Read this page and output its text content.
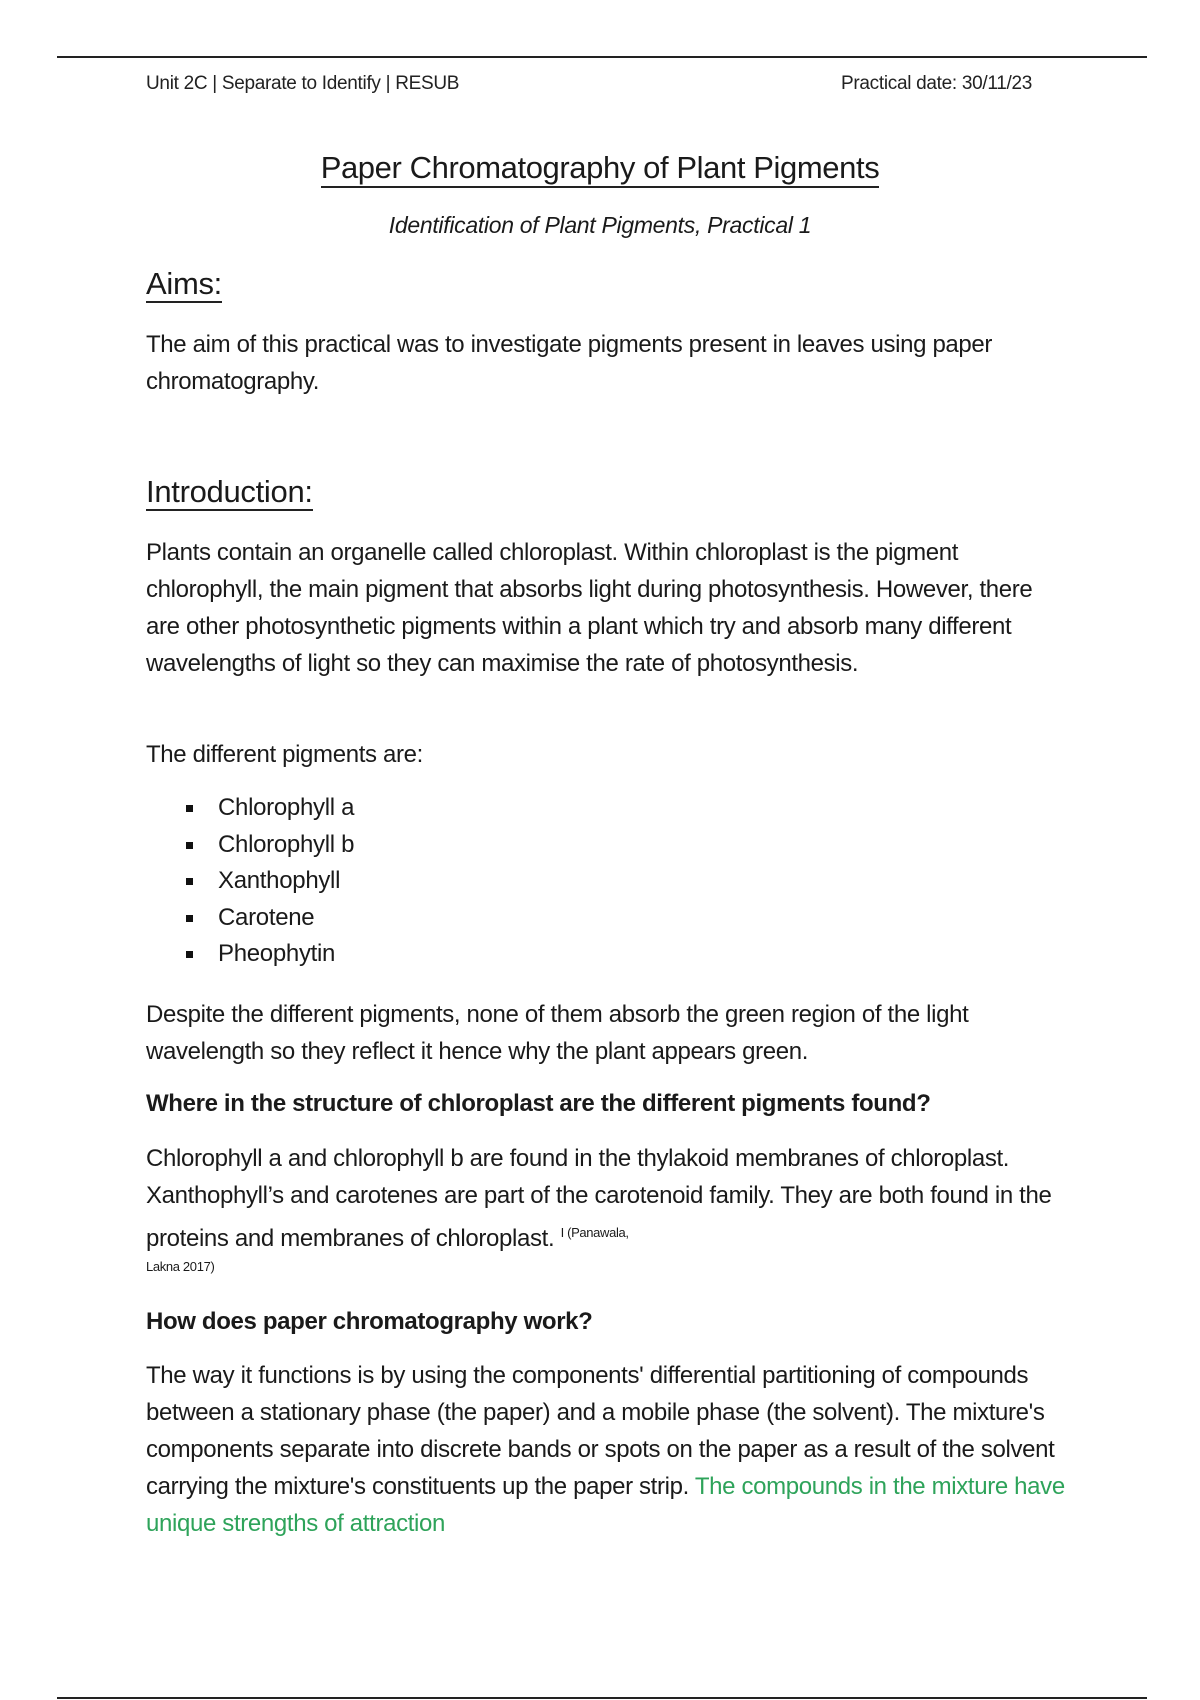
Unit 2C | Separate to Identify | RESUB	Practical date: 30/11/23
Paper Chromatography of Plant Pigments
Identification of Plant Pigments, Practical 1
Aims:
The aim of this practical was to investigate pigments present in leaves using paper chromatography.
Introduction:
Plants contain an organelle called chloroplast. Within chloroplast is the pigment chlorophyll, the main pigment that absorbs light during photosynthesis. However, there are other photosynthetic pigments within a plant which try and absorb many different wavelengths of light so they can maximise the rate of photosynthesis.
The different pigments are:
Chlorophyll a
Chlorophyll b
Xanthophyll
Carotene
Pheophytin
Despite the different pigments, none of them absorb the green region of the light wavelength so they reflect it hence why the plant appears green.
Where in the structure of chloroplast are the different pigments found?
Chlorophyll a and chlorophyll b are found in the thylakoid membranes of chloroplast. Xanthophyll’s and carotenes are part of the carotenoid family. They are both found in the proteins and membranes of chloroplast. $^{I (Panawala,}$
Lakna 2017)
How does paper chromatography work?
The way it functions is by using the components' differential partitioning of compounds between a stationary phase (the paper) and a mobile phase (the solvent). The mixture's components separate into discrete bands or spots on the paper as a result of the solvent carrying the mixture's constituents up the paper strip. The compounds in the mixture have unique strengths of attraction
